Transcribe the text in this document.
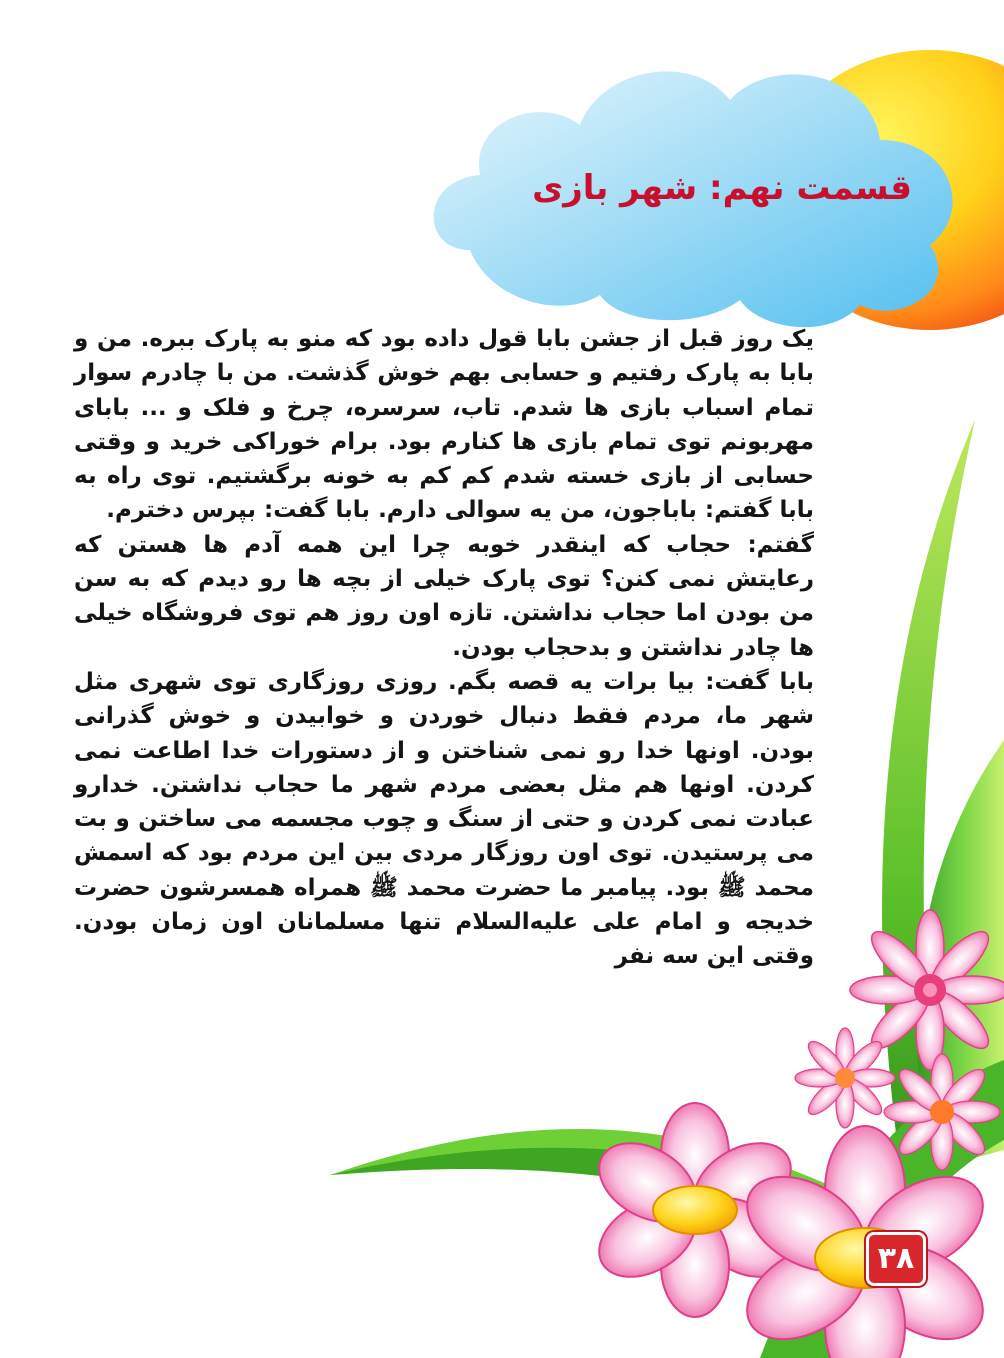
قسمت نهم: شهر بازی

یک روز قبل از جشن بابا قول داده بود که منو به پارک ببره. من و بابا به پارک رفتیم و حسابی بهم خوش گذشت. من با چادرم سوار تمام اسباب بازی ها شدم. تاب، سرسره، چرخ و فلک و ... بابای مهربونم توی تمام بازی ها کنارم بود. برام خوراکی خرید و وقتی حسابی از بازی خسته شدم کم کم به خونه برگشتیم. توی راه به بابا گفتم: باباجون، من یه سوالی دارم. بابا گفت: بپرس دخترم.

گفتم: حجاب که اینقدر خوبه چرا این همه آدم ها هستن که رعایتش نمی کنن؟ توی پارک خیلی از بچه ها رو دیدم که به سن من بودن اما حجاب نداشتن. تازه اون روز هم توی فروشگاه خیلی ها چادر نداشتن و بدحجاب بودن.

بابا گفت: بیا برات یه قصه بگم. روزی روزگاری توی شهری مثل شهر ما، مردم فقط دنبال خوردن و خوابیدن و خوش گذرانی بودن. اونها خدا رو نمی شناختن و از دستورات خدا اطاعت نمی کردن. اونها هم مثل بعضی مردم شهر ما حجاب نداشتن. خدارو عبادت نمی کردن و حتی از سنگ و چوب مجسمه می ساختن و بت می پرستیدن. توی اون روزگار مردی بین این مردم بود که اسمش محمد ﷺ بود. پیامبر ما حضرت محمد ﷺ همراه همسرشون حضرت خدیجه و امام علی عليه‌السلام تنها مسلمانان اون زمان بودن. وقتی این سه نفر

۳۸
